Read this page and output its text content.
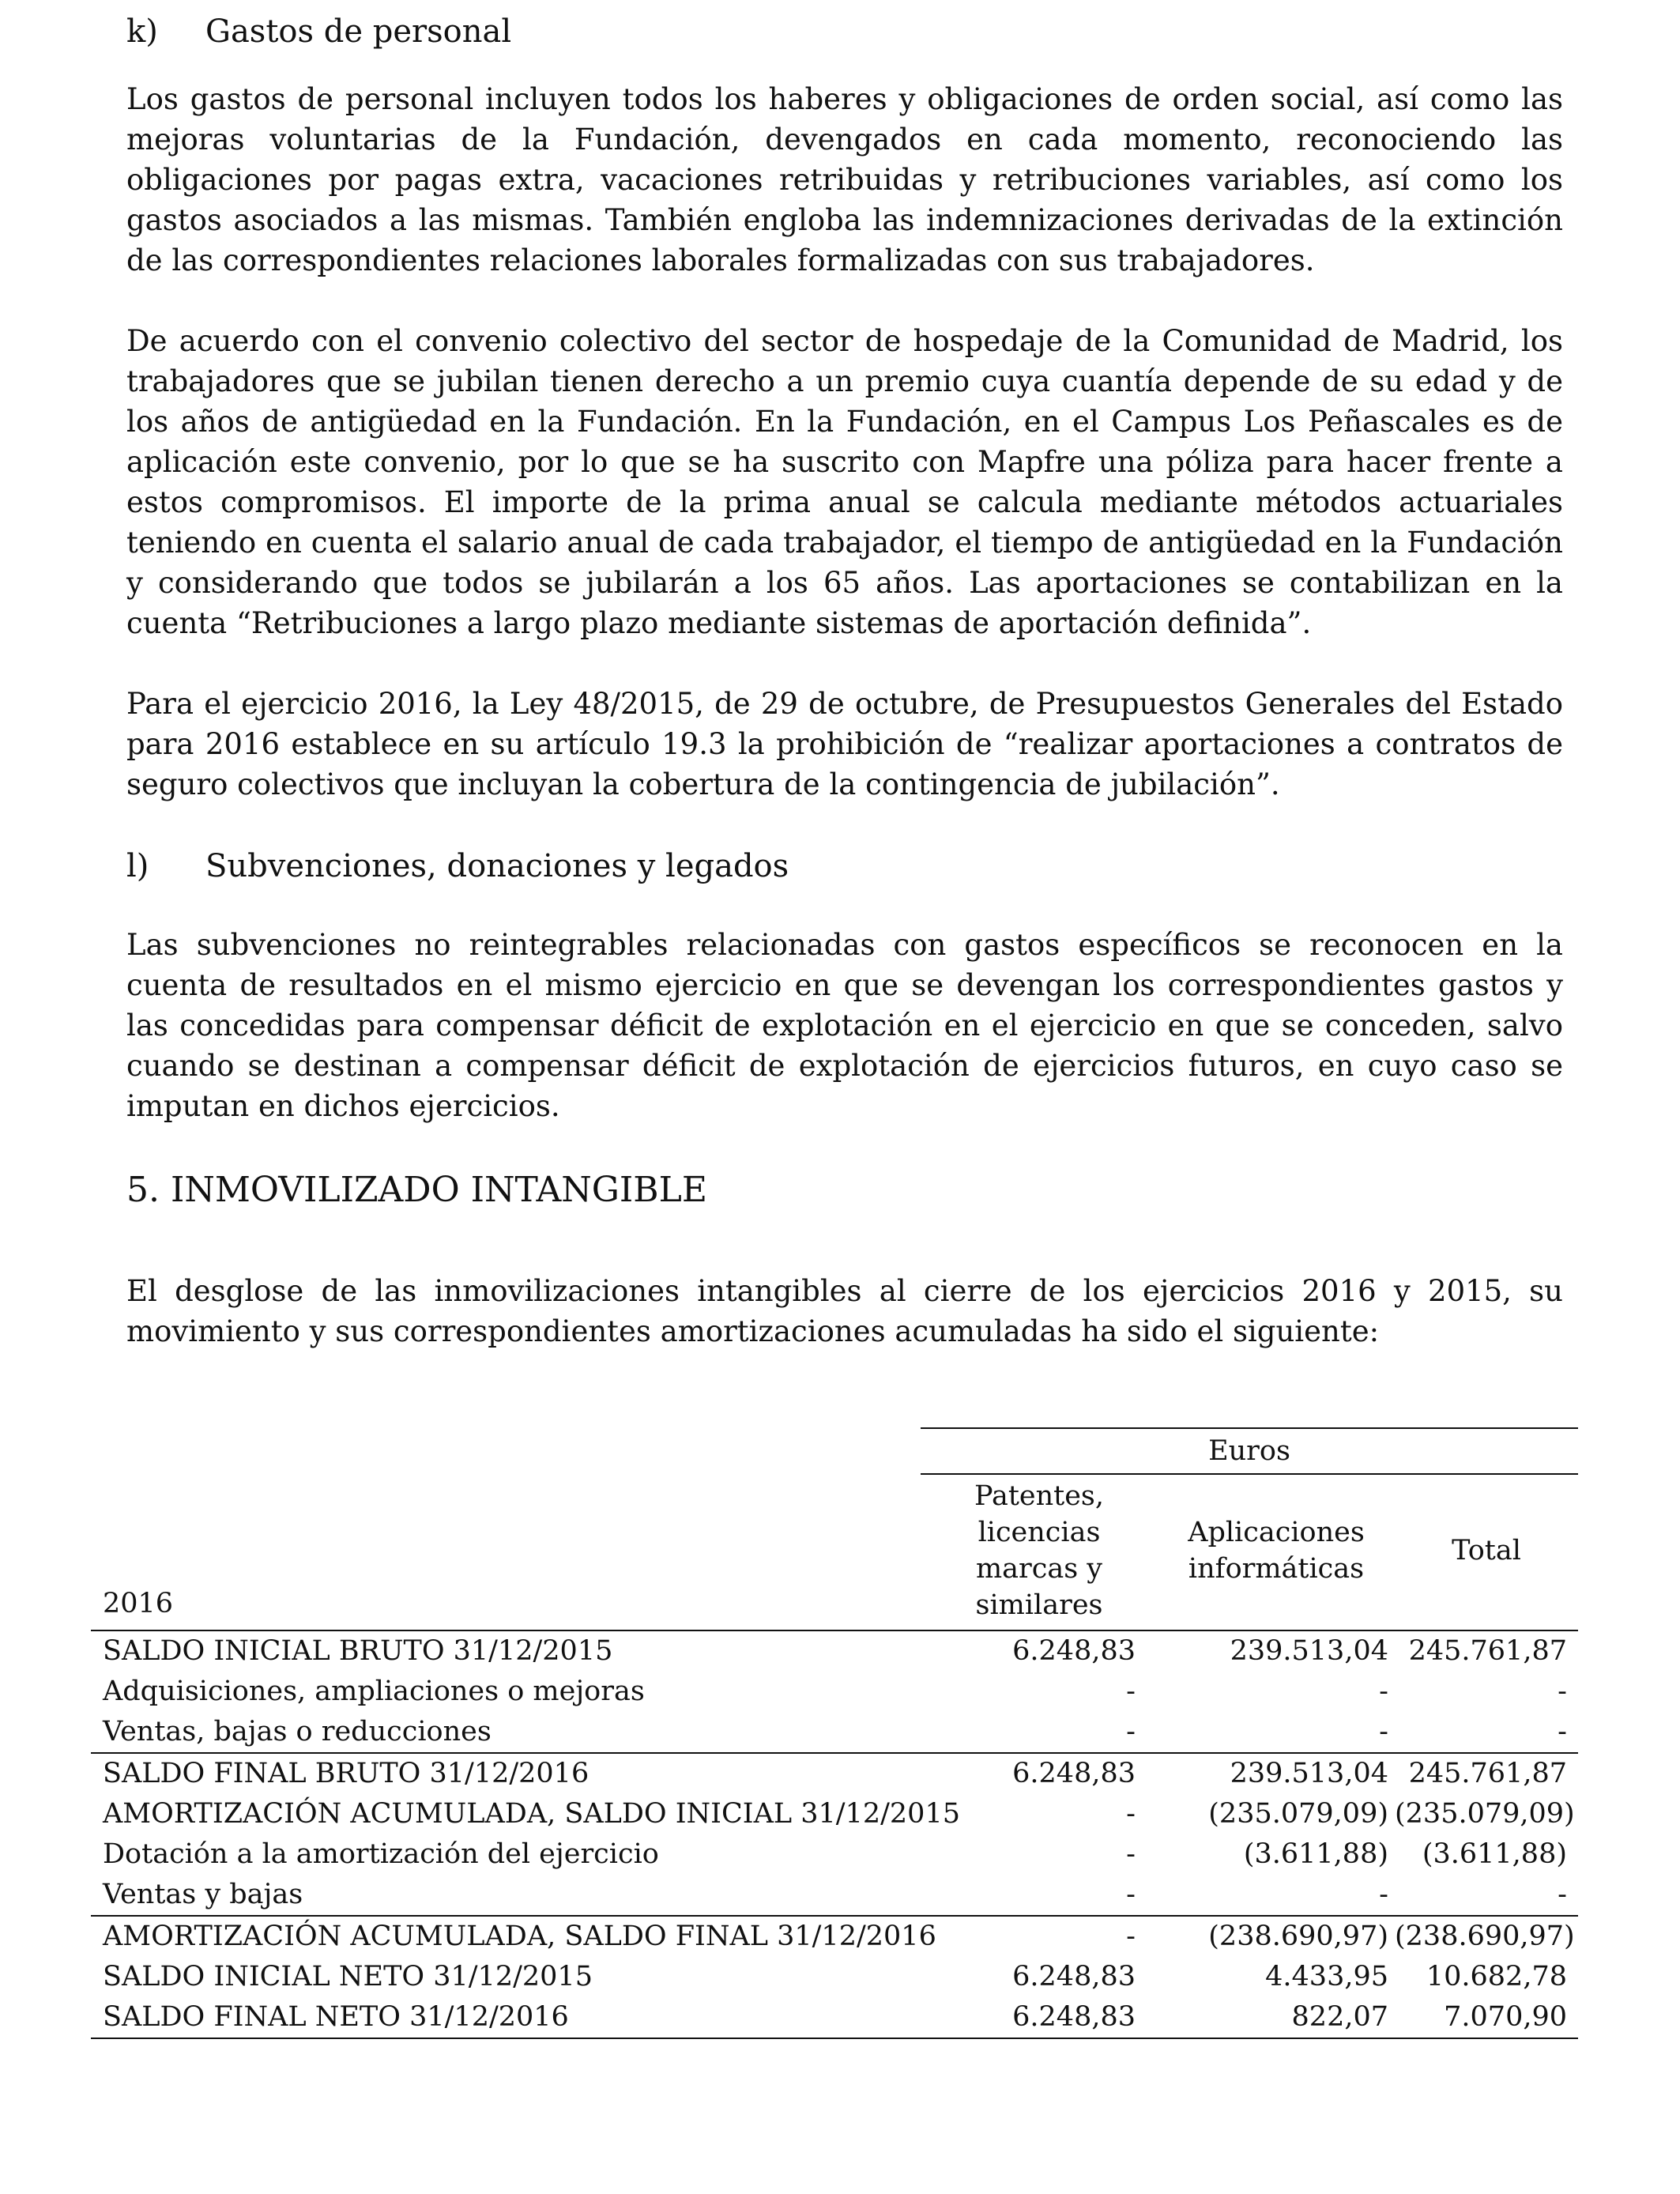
k)	Gastos de personal

Los gastos de personal incluyen todos los haberes y obligaciones de orden social, así como las mejoras voluntarias de la Fundación, devengados en cada momento, reconociendo las obligaciones por pagas extra, vacaciones retribuidas y retribuciones variables, así como los gastos asociados a las mismas. También engloba las indemnizaciones derivadas de la extinción de las correspondientes relaciones laborales formalizadas con sus trabajadores.

De acuerdo con el convenio colectivo del sector de hospedaje de la Comunidad de Madrid, los trabajadores que se jubilan tienen derecho a un premio cuya cuantía depende de su edad y de los años de antigüedad en la Fundación. En la Fundación, en el Campus Los Peñascales es de aplicación este convenio, por lo que se ha suscrito con Mapfre una póliza para hacer frente a estos compromisos. El importe de la prima anual se calcula mediante métodos actuariales teniendo en cuenta el salario anual de cada trabajador, el tiempo de antigüedad en la Fundación y considerando que todos se jubilarán a los 65 años. Las aportaciones se contabilizan en la cuenta “Retribuciones a largo plazo mediante sistemas de aportación definida”.

Para el ejercicio 2016, la Ley 48/2015, de 29 de octubre, de Presupuestos Generales del Estado para 2016 establece en su artículo 19.3 la prohibición de “realizar aportaciones a contratos de seguro colectivos que incluyan la cobertura de la contingencia de jubilación”.

l)	Subvenciones, donaciones y legados

Las subvenciones no reintegrables relacionadas con gastos específicos se reconocen en la cuenta de resultados en el mismo ejercicio en que se devengan los correspondientes gastos y las concedidas para compensar déficit de explotación en el ejercicio en que se conceden, salvo cuando se destinan a compensar déficit de explotación de ejercicios futuros, en cuyo caso se imputan en dichos ejercicios.

5. INMOVILIZADO INTANGIBLE

El desglose de las inmovilizaciones intangibles al cierre de los ejercicios 2016 y 2015, su movimiento y sus correspondientes amortizaciones acumuladas ha sido el siguiente:

Euros
Patentes,
licencias
marcas y
similares
Aplicaciones
informáticas
Total
2016
SALDO INICIAL BRUTO 31/12/2015	6.248,83	239.513,04 245.761,87
Adquisiciones, ampliaciones o mejoras	-	-	-
Ventas, bajas o reducciones	-	-	-
SALDO FINAL BRUTO 31/12/2016	6.248,83	239.513,04 245.761,87
AMORTIZACIÓN ACUMULADA, SALDO INICIAL 31/12/2015	-	(235.079,09) (235.079,09)
Dotación a la amortización del ejercicio	-	(3.611,88)	(3.611,88)
Ventas y bajas	-	-	-
AMORTIZACIÓN ACUMULADA, SALDO FINAL 31/12/2016	-	(238.690,97) (238.690,97)
SALDO INICIAL NETO 31/12/2015	6.248,83	4.433,95	10.682,78
SALDO FINAL NETO 31/12/2016	6.248,83	822,07	7.070,90
